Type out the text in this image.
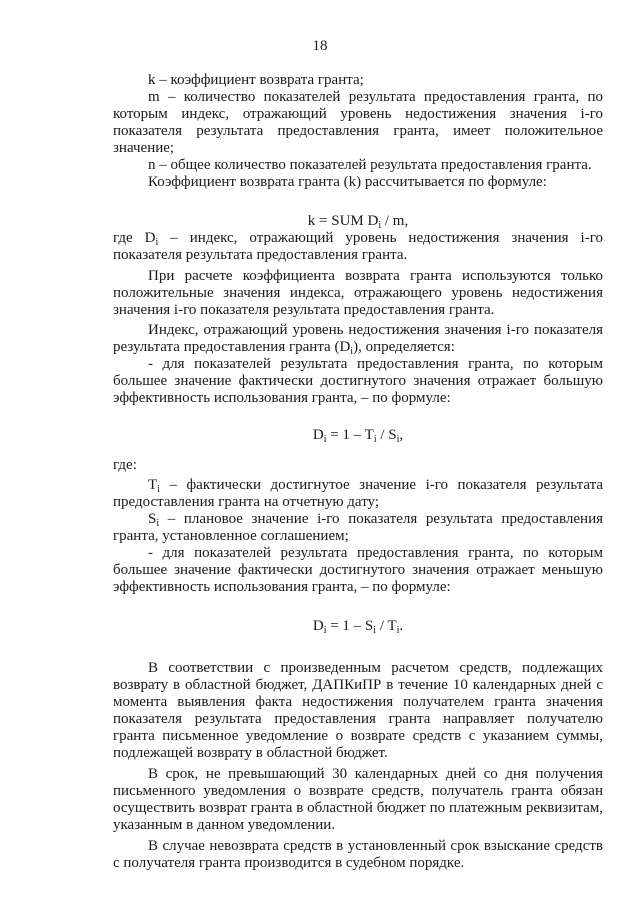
18

k – коэффициент возврата гранта;

m – количество показателей результата предоставления гранта, по которым индекс, отражающий уровень недостижения значения i-го показателя результата предоставления гранта, имеет положительное значение;

n – общее количество показателей результата предоставления гранта.

Коэффициент возврата гранта (k) рассчитывается по формуле:

k = SUM $D_i$ / m,

где $D_i$ – индекс, отражающий уровень недостижения значения i-го показателя результата предоставления гранта.

При расчете коэффициента возврата гранта используются только положительные значения индекса, отражающего уровень недостижения значения i-го показателя результата предоставления гранта.

Индекс, отражающий уровень недостижения значения i-го показателя результата предоставления гранта $(D_i)$, определяется:

- для показателей результата предоставления гранта, по которым большее значение фактически достигнутого значения отражает большую эффективность использования гранта, – по формуле:

$D_i = 1 - T_i / S_i$,

где:

$T_i$ – фактически достигнутое значение i-го показателя результата предоставления гранта на отчетную дату;

$S_i$ – плановое значение i-го показателя результата предоставления гранта, установленное соглашением;

- для показателей результата предоставления гранта, по которым большее значение фактически достигнутого значения отражает меньшую эффективность использования гранта, – по формуле:

$D_i = 1 - S_i / T_i$.

В соответствии с произведенным расчетом средств, подлежащих возврату в областной бюджет, ДАПКиПР в течение 10 календарных дней с момента выявления факта недостижения получателем гранта значения показателя результата предоставления гранта направляет получателю гранта письменное уведомление о возврате средств с указанием суммы, подлежащей возврату в областной бюджет.

В срок, не превышающий 30 календарных дней со дня получения письменного уведомления о возврате средств, получатель гранта обязан осуществить возврат гранта в областной бюджет по платежным реквизитам, указанным в данном уведомлении.

В случае невозврата средств в установленный срок взыскание средств с получателя гранта производится в судебном порядке.
